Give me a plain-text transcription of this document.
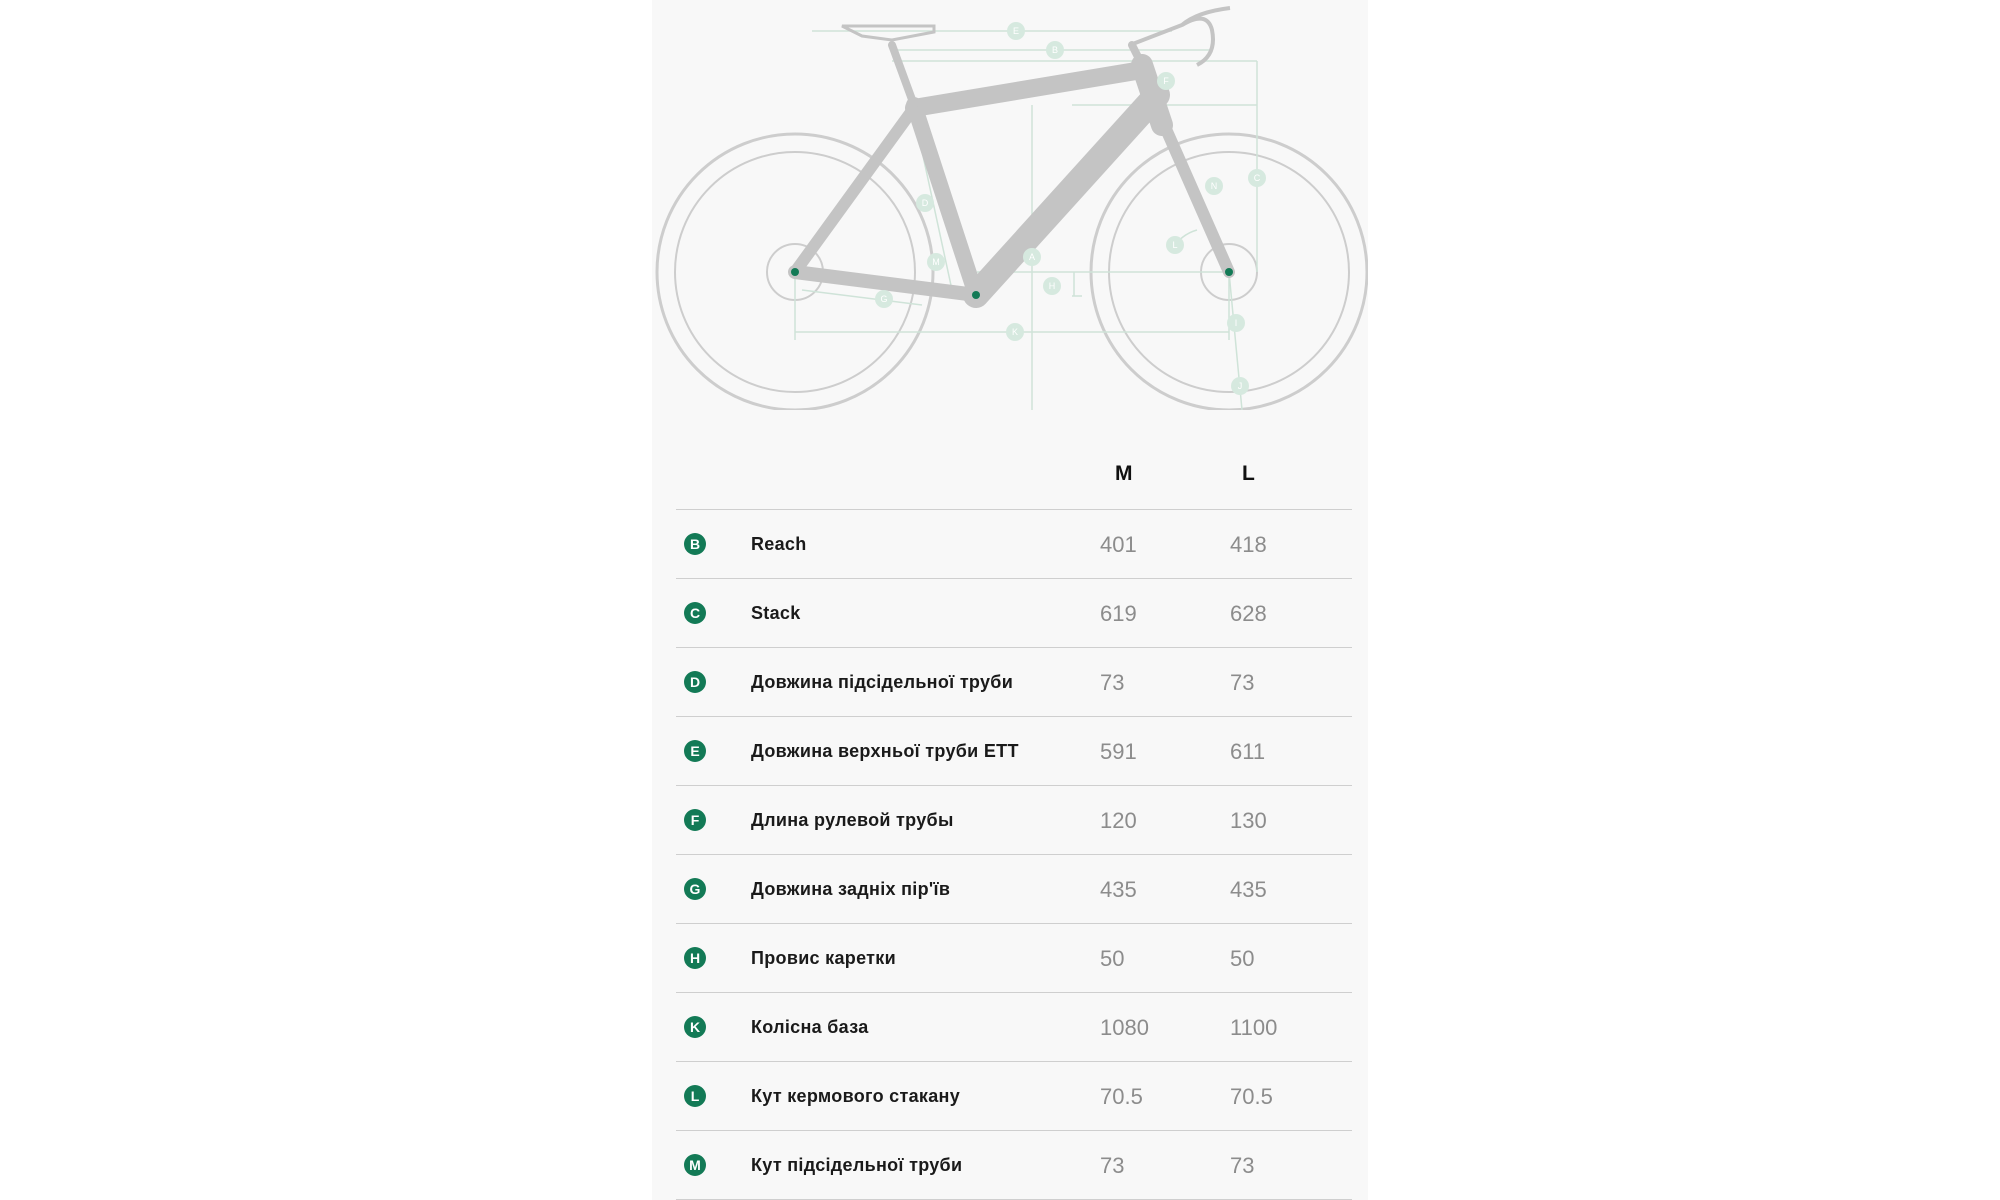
E
B
F
C
N
D
L
A
M
H
G
K
I
J
M	L
B	Reach	401	418
C	Stack	619	628
D	Довжина підсідельної труби	73	73
E	Довжина верхньої труби ETT	591	611
F	Длина рулевой трубы	120	130
G	Довжина задніх пір'їв	435	435
H	Провис каретки	50	50
K	Колісна база	1080	1100
L	Кут кермового стакану	70.5	70.5
M	Кут підсідельної труби	73	73
